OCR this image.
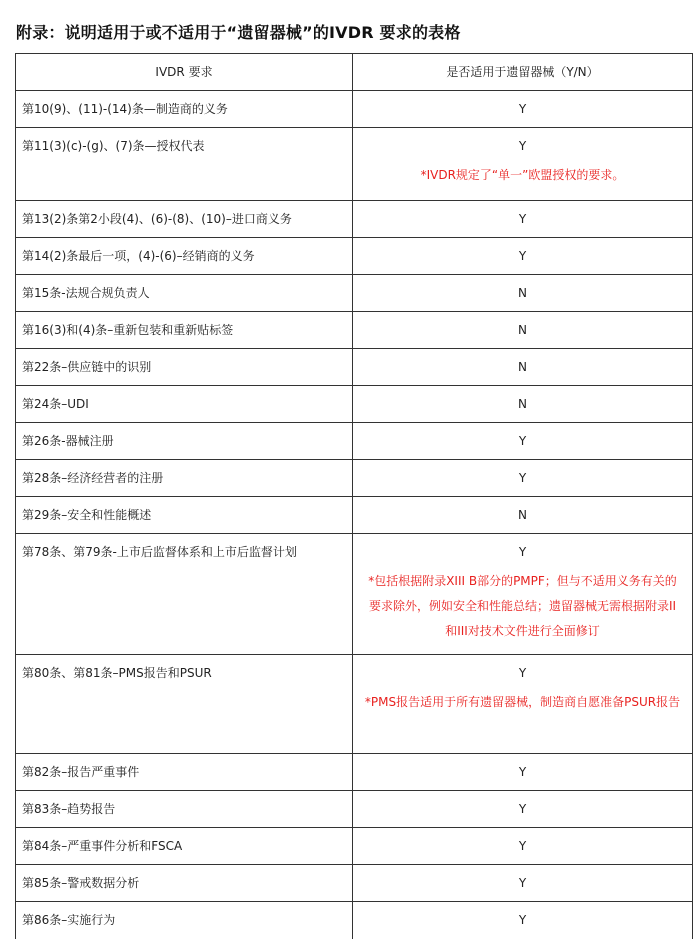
附录：说明适用于或不适用于“遗留器械”的IVDR 要求的表格
IVDR 要求	是否适用于遗留器械（Y/N）
第10(9)、(11)-(14)条—制造商的义务	Y

第11(3)(c)-(g)、(7)条—授权代表	Y
*IVDR规定了“单一”欧盟授权的要求。

第13(2)条第2小段(4)、(6)-(8)、(10)–进口商义务	Y

第14(2)条最后一项，(4)-(6)–经销商的义务	Y

第15条-法规合规负责人	N

第16(3)和(4)条–重新包装和重新贴标签	N

第22条–供应链中的识别	N

第24条–UDI	N

第26条-器械注册	Y

第28条–经济经营者的注册	Y

第29条–安全和性能概述	N

第78条、第79条-上市后监督体系和上市后监督计划	Y
*包括根据附录XIII B部分的PMPF；但与不适用义务有关的要求除外，例如安全和性能总结；遗留器械无需根据附录II和III对技术文件进行全面修订

第80条、第81条–PMS报告和PSUR	Y
*PMS报告适用于所有遗留器械，制造商自愿准备PSUR报告

第82条–报告严重事件	Y

第83条–趋势报告	Y

第84条–严重事件分析和FSCA	Y

第85条–警戒数据分析	Y

第86条–实施行为	Y
